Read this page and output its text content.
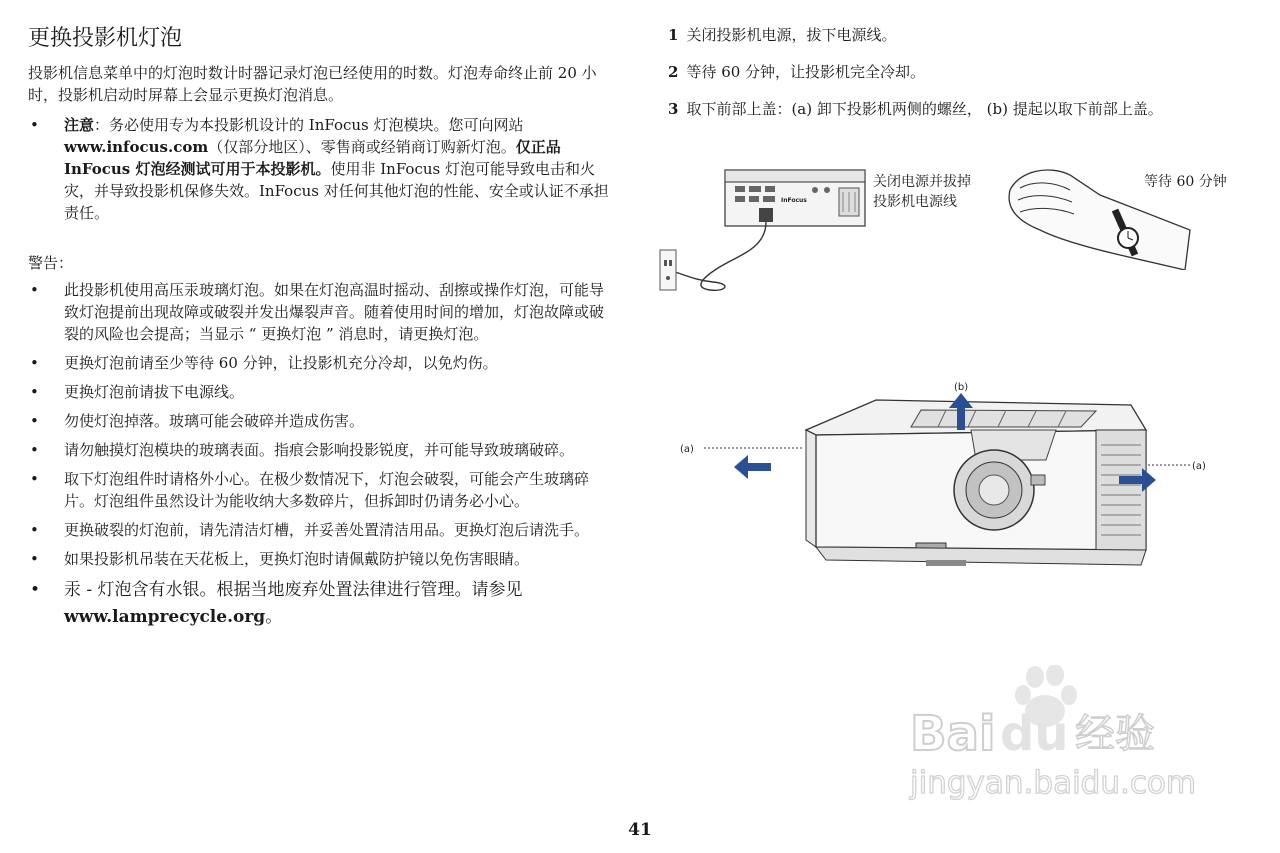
更换投影机灯泡

投影机信息菜单中的灯泡时数计时器记录灯泡已经使用的时数。灯泡寿命终止前 20 小时，投影机启动时屏幕上会显示更换灯泡消息。

• 注意：务必使用专为本投影机设计的 InFocus 灯泡模块。您可向网站 www.infocus.com（仅部分地区）、零售商或经销商订购新灯泡。仅正品 InFocus 灯泡经测试可用于本投影机。使用非 InFocus 灯泡可能导致电击和火灾，并导致投影机保修失效。InFocus 对任何其他灯泡的性能、安全或认证不承担责任。
警告：
• 此投影机使用高压汞玻璃灯泡。如果在灯泡高温时摇动、刮擦或操作灯泡，可能导致灯泡提前出现故障或破裂并发出爆裂声音。随着使用时间的增加，灯泡故障或破裂的风险也会提高；当显示 “ 更换灯泡 ” 消息时，请更换灯泡。
• 更换灯泡前请至少等待 60 分钟，让投影机充分冷却，以免灼伤。
• 更换灯泡前请拔下电源线。
• 勿使灯泡掉落。玻璃可能会破碎并造成伤害。
• 请勿触摸灯泡模块的玻璃表面。指痕会影响投影锐度，并可能导致玻璃破碎。
• 取下灯泡组件时请格外小心。在极少数情况下，灯泡会破裂，可能会产生玻璃碎片。灯泡组件虽然设计为能收纳大多数碎片，但拆卸时仍请务必小心。
• 更换破裂的灯泡前，请先清洁灯槽，并妥善处置清洁用品。更换灯泡后请洗手。
• 如果投影机吊装在天花板上，更换灯泡时请佩戴防护镜以免伤害眼睛。
• 汞 - 灯泡含有水银。根据当地废弃处置法律进行管理。请参见
www.lamprecycle.org。
1 关闭投影机电源，拔下电源线。
2 等待 60 分钟，让投影机完全冷却。
3 取下前部上盖：(a) 卸下投影机两侧的螺丝， (b) 提起以取下前部上盖。
InFocus
关闭电源并拔掉
投影机电源线
等待 60 分钟
(a)
(a)
(b)
Bai du 经验
jingyan.baidu.com
41
